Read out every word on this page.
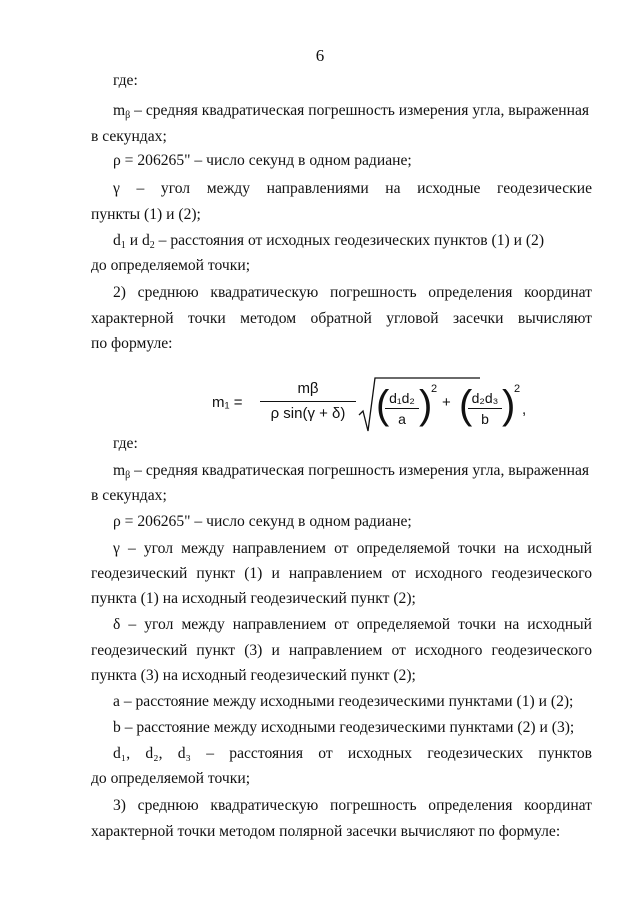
6
где:
$m_\beta$ – средняя квадратическая погрешность измерения угла, выраженная
в секундах;
ρ = 206265" – число секунд в одном радиане;
γ – угол между направлениями на исходные геодезические
пункты (1) и (2);
$d_1$ и $d_2$ – расстояния от исходных геодезических пунктов (1) и (2)
до определяемой точки;
2) среднюю квадратическую погрешность определения координат
характерной точки методом обратной угловой засечки вычисляют
по формуле:
m₁ =
mβ
ρ sin(γ + δ) ( d₁d₂
a )
2
+ ( d₂d₃
b )
2
,
где:
$m_\beta$ – средняя квадратическая погрешность измерения угла, выраженная
в секундах;
ρ = 206265" – число секунд в одном радиане;
γ – угол между направлением от определяемой точки на исходный
геодезический пункт (1) и направлением от исходного геодезического
пункта (1) на исходный геодезический пункт (2);
δ – угол между направлением от определяемой точки на исходный
геодезический пункт (3) и направлением от исходного геодезического
пункта (3) на исходный геодезический пункт (2);
a – расстояние между исходными геодезическими пунктами (1) и (2);
b – расстояние между исходными геодезическими пунктами (2) и (3);
d₁, d₂, d₃ – расстояния от исходных геодезических пунктов
до определяемой точки;
3) среднюю квадратическую погрешность определения координат
характерной точки методом полярной засечки вычисляют по формуле:
